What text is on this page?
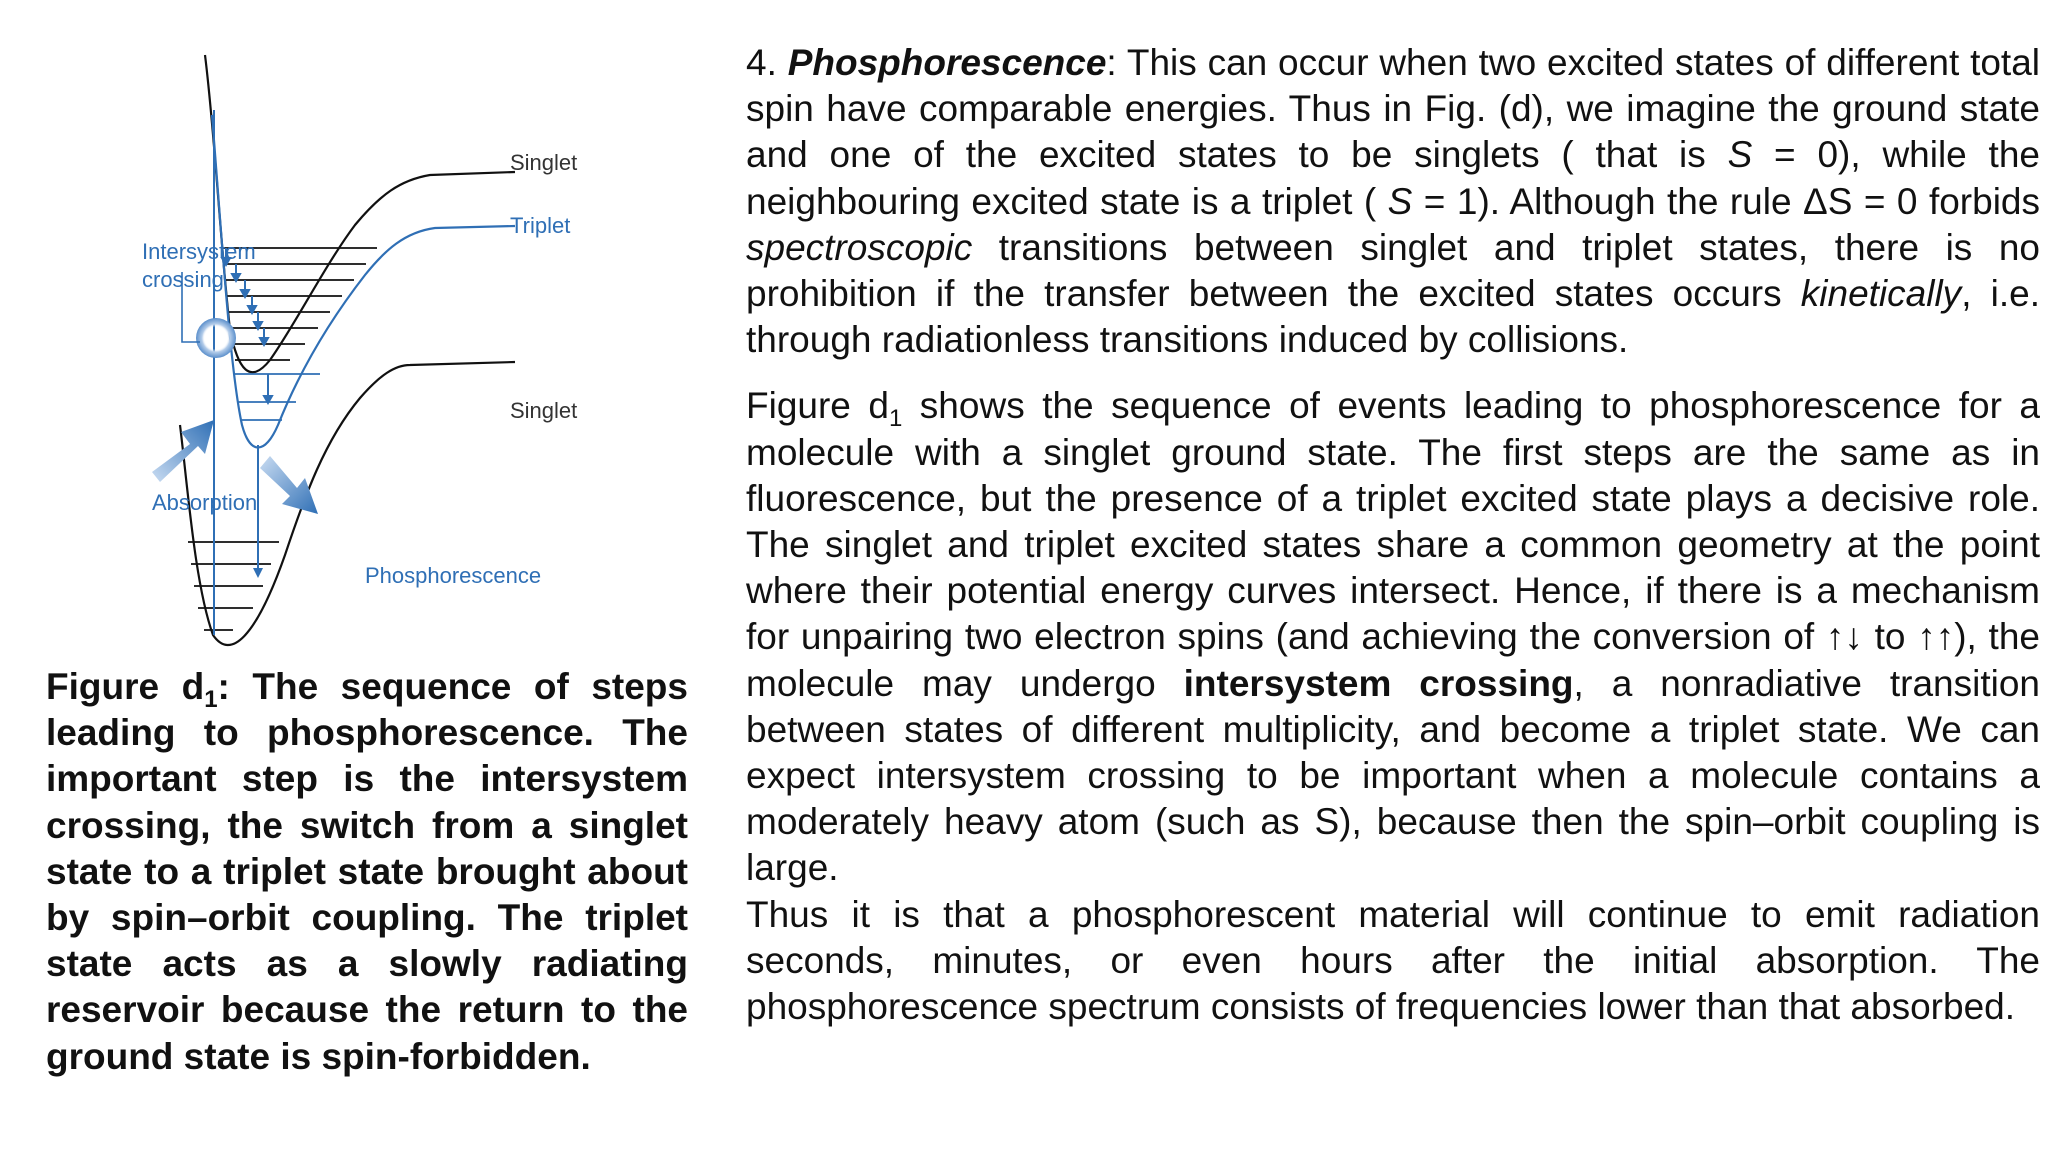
Singlet
Triplet
Singlet
Intersystem
crossing
Absorption
Phosphorescence

Figure $d_1$: The sequence of steps leading to phosphorescence. The important step is the intersystem crossing, the switch from a singlet state to a triplet state brought about by spin–orbit coupling. The triplet state acts as a slowly radiating reservoir because the return to the ground state is spin-forbidden.

4. Phosphorescence: This can occur when two excited states of different total spin have comparable energies. Thus in Fig. (d), we imagine the ground state and one of the excited states to be singlets ( that is S = 0), while the neighbouring excited state is a triplet ( S = 1). Although the rule ΔS = 0 forbids spectroscopic transitions between singlet and triplet states, there is no prohibition if the transfer between the excited states occurs kinetically, i.e. through radiationless transitions induced by collisions.

Figure $d_1$ shows the sequence of events leading to phosphorescence for a molecule with a singlet ground state. The first steps are the same as in fluorescence, but the presence of a triplet excited state plays a decisive role. The singlet and triplet excited states share a common geometry at the point where their potential energy curves intersect. Hence, if there is a mechanism for unpairing two electron spins (and achieving the conversion of ↑↓ to ↑↑), the molecule may undergo intersystem crossing, a nonradiative transition between states of different multiplicity, and become a triplet state. We can expect intersystem crossing to be important when a molecule contains a moderately heavy atom (such as S), because then the spin–orbit coupling is large.

Thus it is that a phosphorescent material will continue to emit radiation seconds, minutes, or even hours after the initial absorption. The phosphorescence spectrum consists of frequencies lower than that absorbed.
